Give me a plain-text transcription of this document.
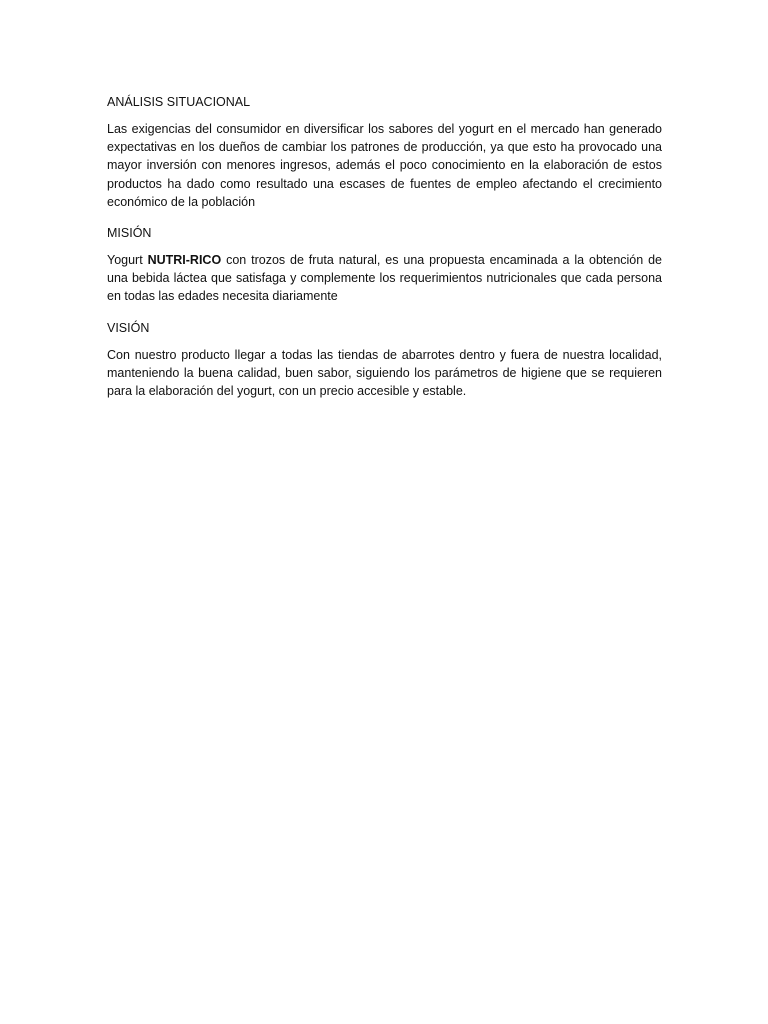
ANÁLISIS SITUACIONAL

Las exigencias del consumidor en diversificar los sabores del yogurt en el mercado han generado expectativas en los dueños de cambiar los patrones de producción, ya que esto ha provocado una mayor inversión con menores ingresos, además el poco conocimiento en la elaboración de estos productos ha dado como resultado una escases de fuentes de empleo afectando el crecimiento económico de la población

MISIÓN

Yogurt NUTRI-RICO con trozos de fruta natural, es una propuesta encaminada a la obtención de una bebida láctea que satisfaga y complemente los requerimientos nutricionales que cada persona en todas las edades necesita diariamente

VISIÓN

Con nuestro producto llegar a todas las tiendas de abarrotes dentro y fuera de nuestra localidad, manteniendo la buena calidad, buen sabor, siguiendo los parámetros de higiene que se requieren para la elaboración del yogurt, con un precio accesible y estable.
